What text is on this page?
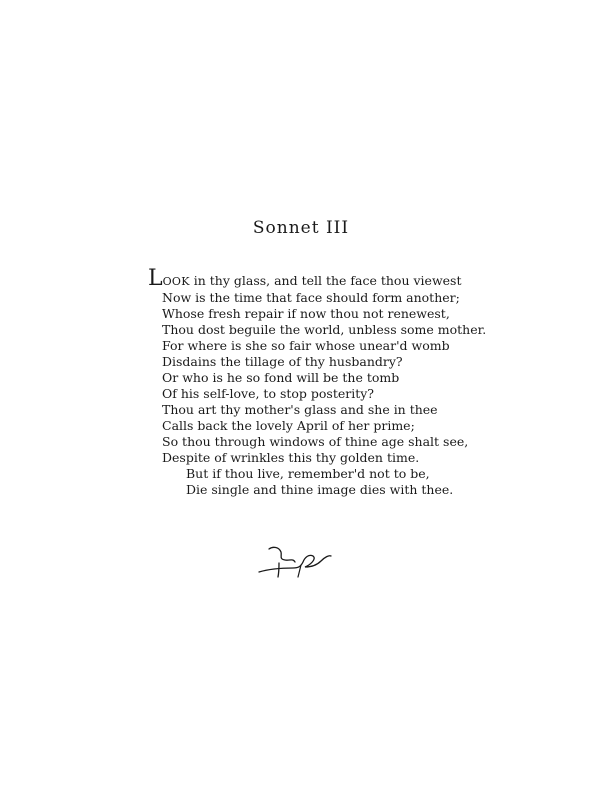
Sonnet III
LOOK in thy glass, and tell the face thou viewest
Now is the time that face should form another;
Whose fresh repair if now thou not renewest,
Thou dost beguile the world, unbless some mother.
For where is she so fair whose unear'd womb
Disdains the tillage of thy husbandry?
Or who is he so fond will be the tomb
Of his self-love, to stop posterity?
Thou art thy mother's glass and she in thee
Calls back the lovely April of her prime;
So thou through windows of thine age shalt see,
Despite of wrinkles this thy golden time.
But if thou live, remember'd not to be,
Die single and thine image dies with thee.
